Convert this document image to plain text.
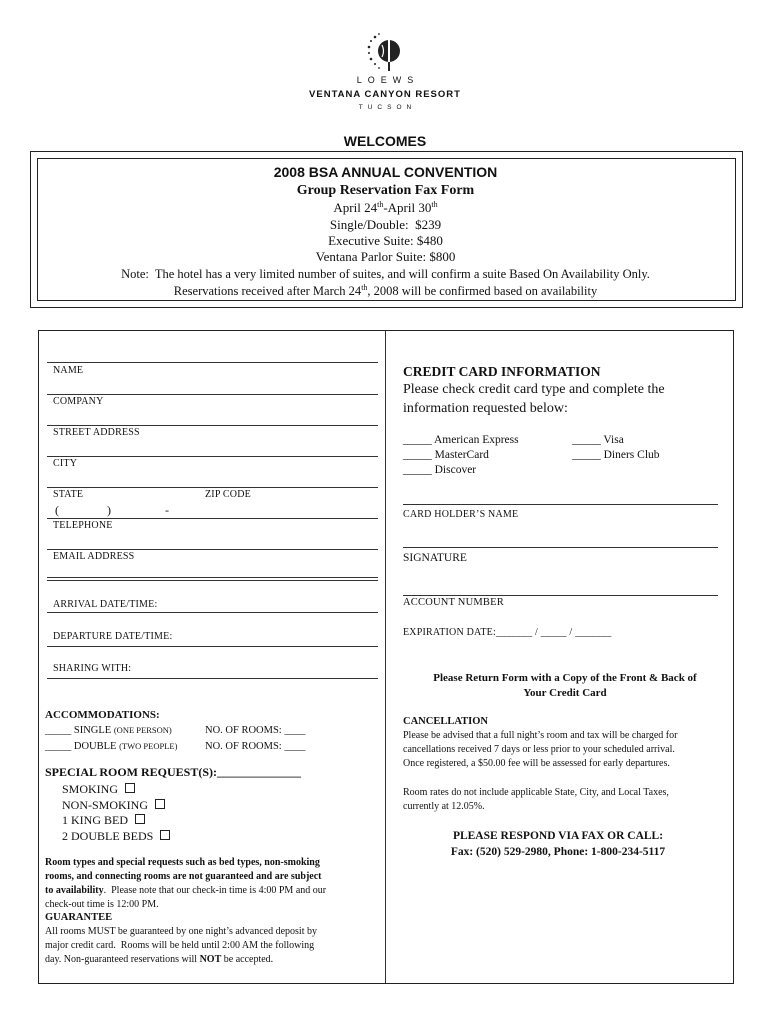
LOEWS
VENTANA CANYON RESORT
TUCSON
WELCOMES
2008 BSA ANNUAL CONVENTION
Group Reservation Fax Form
April 24th-April 30th
Single/Double:  $239
Executive Suite: $480
Ventana Parlor Suite: $800
Note:  The hotel has a very limited number of suites, and will confirm a suite Based On Availability Only.
Reservations received after March 24th, 2008 will be confirmed based on availability
NAME
COMPANY
STREET ADDRESS
CITY
STATE	ZIP CODE
(	)	-
TELEPHONE
EMAIL ADDRESS
ARRIVAL DATE/TIME:
DEPARTURE DATE/TIME:
SHARING WITH:
ACCOMMODATIONS:
_____ SINGLE (ONE PERSON)	NO. OF ROOMS: ____
_____ DOUBLE (TWO PEOPLE)	NO. OF ROOMS: ____
SPECIAL ROOM REQUEST(S):______________
SMOKING
NON-SMOKING
1 KING BED
2 DOUBLE BEDS
Room types and special requests such as bed types, non-smoking
rooms, and connecting rooms are not guaranteed and are subject
to availability.  Please note that our check-in time is 4:00 PM and our
check-out time is 12:00 PM.
GUARANTEE
All rooms MUST be guaranteed by one night’s advanced deposit by
major credit card.  Rooms will be held until 2:00 AM the following
day. Non-guaranteed reservations will NOT be accepted.
CREDIT CARD INFORMATION
Please check credit card type and complete the
information requested below:
_____ American Express	_____ Visa
_____ MasterCard	_____ Diners Club
_____ Discover
CARD HOLDER’S NAME
SIGNATURE
ACCOUNT NUMBER
EXPIRATION DATE:_______ / _____ / _______
Please Return Form with a Copy of the Front & Back of
Your Credit Card
CANCELLATION
Please be advised that a full night’s room and tax will be charged for
cancellations received 7 days or less prior to your scheduled arrival.
Once registered, a $50.00 fee will be assessed for early departures.
Room rates do not include applicable State, City, and Local Taxes,
currently at 12.05%.
PLEASE RESPOND VIA FAX OR CALL:
Fax: (520) 529-2980, Phone: 1-800-234-5117
